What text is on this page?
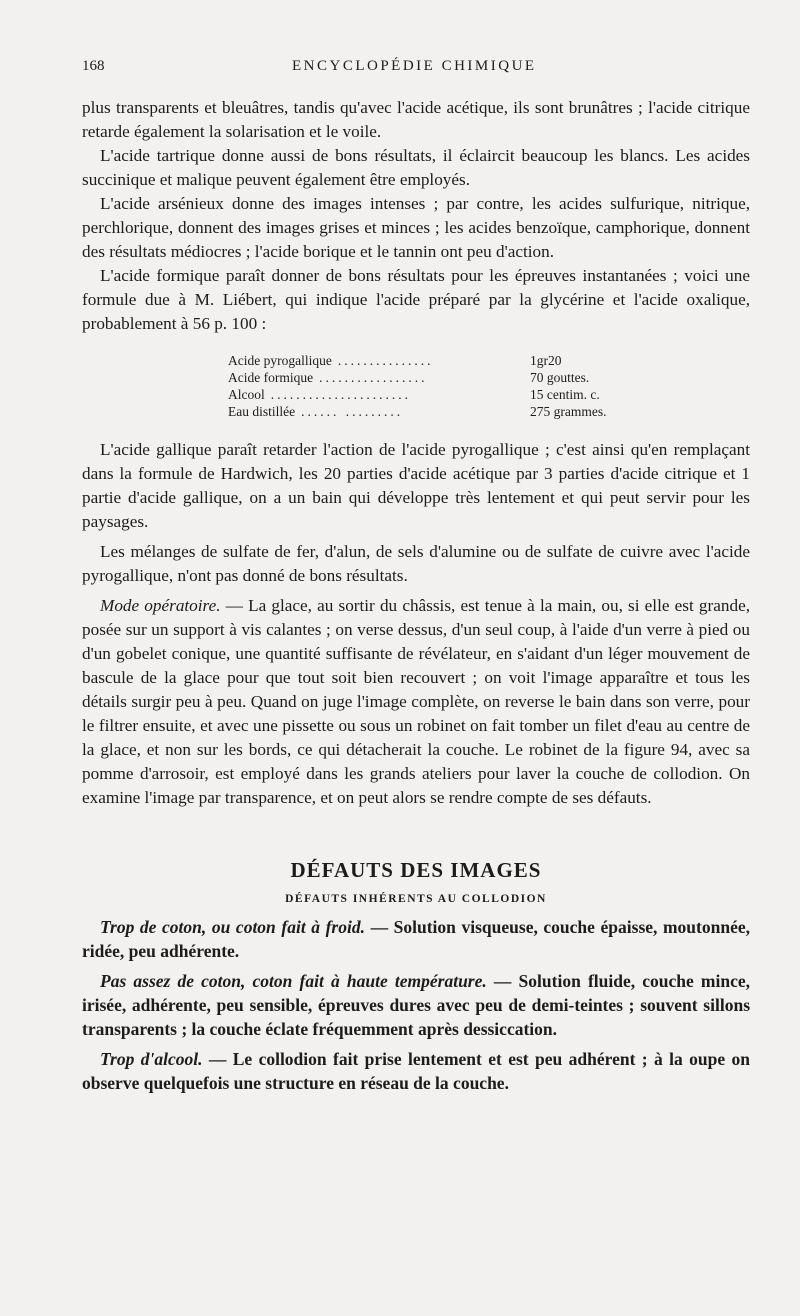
168	ENCYCLOPÉDIE CHIMIQUE

plus transparents et bleuâtres, tandis qu'avec l'acide acétique, ils sont brunâtres ; l'acide citrique retarde également la solarisation et le voile.

L'acide tartrique donne aussi de bons résultats, il éclaircit beaucoup les blancs. Les acides succinique et malique peuvent également être employés.

L'acide arsénieux donne des images intenses ; par contre, les acides sulfurique, nitrique, perchlorique, donnent des images grises et minces ; les acides benzoïque, camphorique, donnent des résultats médiocres ; l'acide borique et le tannin ont peu d'action.

L'acide formique paraît donner de bons résultats pour les épreuves instantanées ; voici une formule due à M. Liébert, qui indique l'acide préparé par la glycérine et l'acide oxalique, probablement à 56 p. 100 :

Acide pyrogallique ...............	1gr20
Acide formique .................	70 gouttes.
Alcool ......................	15 centim. c.
Eau distillée ...... .........	275 grammes.

L'acide gallique paraît retarder l'action de l'acide pyrogallique ; c'est ainsi qu'en remplaçant dans la formule de Hardwich, les 20 parties d'acide acétique par 3 parties d'acide citrique et 1 partie d'acide gallique, on a un bain qui développe très lentement et qui peut servir pour les paysages.

Les mélanges de sulfate de fer, d'alun, de sels d'alumine ou de sulfate de cuivre avec l'acide pyrogallique, n'ont pas donné de bons résultats.

Mode opératoire. — La glace, au sortir du châssis, est tenue à la main, ou, si elle est grande, posée sur un support à vis calantes ; on verse dessus, d'un seul coup, à l'aide d'un verre à pied ou d'un gobelet conique, une quantité suffisante de révélateur, en s'aidant d'un léger mouvement de bascule de la glace pour que tout soit bien recouvert ; on voit l'image apparaître et tous les détails surgir peu à peu. Quand on juge l'image complète, on reverse le bain dans son verre, pour le filtrer ensuite, et avec une pissette ou sous un robinet on fait tomber un filet d'eau au centre de la glace, et non sur les bords, ce qui détacherait la couche. Le robinet de la figure 94, avec sa pomme d'arrosoir, est employé dans les grands ateliers pour laver la couche de collodion. On examine l'image par transparence, et on peut alors se rendre compte de ses défauts.

DÉFAUTS DES IMAGES
DÉFAUTS INHÉRENTS AU COLLODION

Trop de coton, ou coton fait à froid. — Solution visqueuse, couche épaisse, moutonnée, ridée, peu adhérente.

Pas assez de coton, coton fait à haute température. — Solution fluide, couche mince, irisée, adhérente, peu sensible, épreuves dures avec peu de demi-teintes ; souvent sillons transparents ; la couche éclate fréquemment après dessiccation.

Trop d'alcool. — Le collodion fait prise lentement et est peu adhérent ; à la oupe on observe quelquefois une structure en réseau de la couche.
